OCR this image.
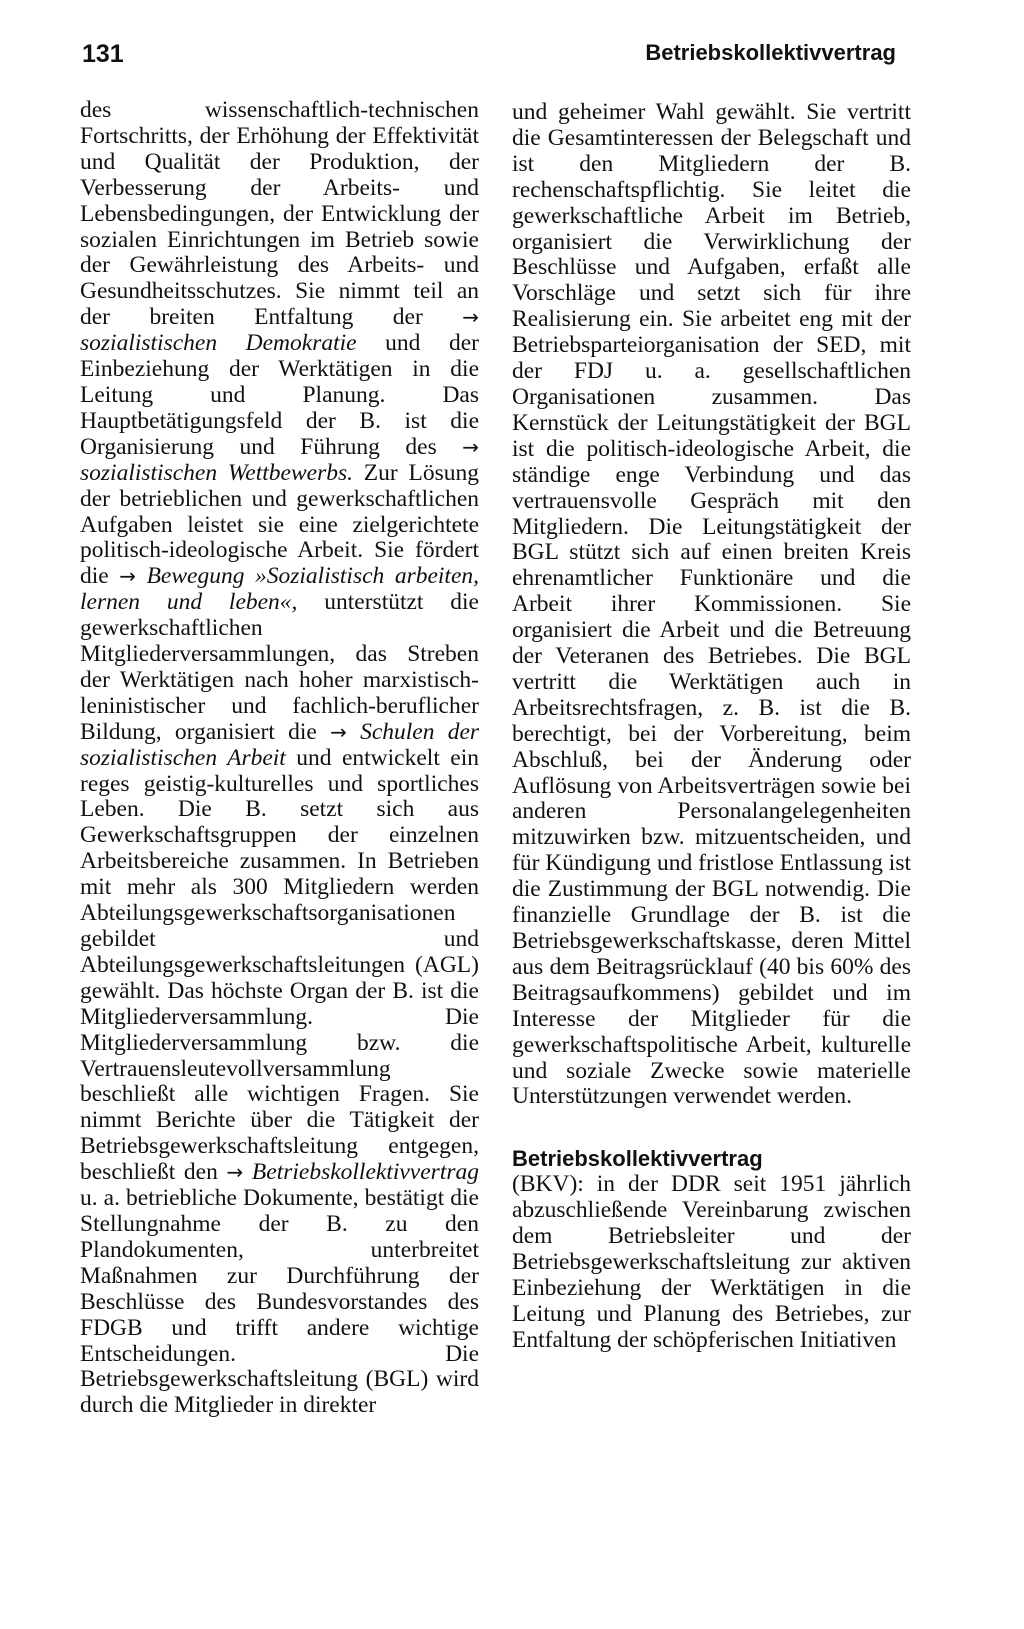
131	Betriebskollektivvertrag

des wissenschaftlich-technischen Fortschritts, der Erhöhung der Effektivität und Qualität der Produktion, der Verbesserung der Arbeits- und Lebensbedingungen, der Entwicklung der sozialen Einrichtungen im Betrieb sowie der Gewährleistung des Arbeits- und Gesundheitsschutzes. Sie nimmt teil an der breiten Entfaltung der → sozialistischen Demokratie und der Einbeziehung der Werktätigen in die Leitung und Planung. Das Hauptbetätigungsfeld der B. ist die Organisierung und Führung des → sozialistischen Wettbewerbs. Zur Lösung der betrieblichen und gewerkschaftlichen Aufgaben leistet sie eine zielgerichtete politisch-ideologische Arbeit. Sie fördert die → Bewegung »Sozialistisch arbeiten, lernen und leben«, unterstützt die gewerkschaftlichen Mitgliederversammlungen, das Streben der Werktätigen nach hoher marxistisch-leninistischer und fachlich-beruflicher Bildung, organisiert die → Schulen der sozialistischen Arbeit und entwickelt ein reges geistig-kulturelles und sportliches Leben. Die B. setzt sich aus Gewerkschaftsgruppen der einzelnen Arbeitsbereiche zusammen. In Betrieben mit mehr als 300 Mitgliedern werden Abteilungsgewerkschaftsorganisationen gebildet und Abteilungsgewerkschaftsleitungen (AGL) gewählt. Das höchste Organ der B. ist die Mitgliederversammlung. Die Mitgliederversammlung bzw. die Vertrauensleutevollversammlung beschließt alle wichtigen Fragen. Sie nimmt Berichte über die Tätigkeit der Betriebsgewerkschaftsleitung entgegen, beschließt den → Betriebskollektivvertrag u. a. betriebliche Dokumente, bestätigt die Stellungnahme der B. zu den Plandokumenten, unterbreitet Maßnahmen zur Durchführung der Beschlüsse des Bundesvorstandes des FDGB und trifft andere wichtige Entscheidungen. Die Betriebsgewerkschaftsleitung (BGL) wird durch die Mitglieder in direkter

und geheimer Wahl gewählt. Sie vertritt die Gesamtinteressen der Belegschaft und ist den Mitgliedern der B. rechenschaftspflichtig. Sie leitet die gewerkschaftliche Arbeit im Betrieb, organisiert die Verwirklichung der Beschlüsse und Aufgaben, erfaßt alle Vorschläge und setzt sich für ihre Realisierung ein. Sie arbeitet eng mit der Betriebsparteiorganisation der SED, mit der FDJ u. a. gesellschaftlichen Organisationen zusammen. Das Kernstück der Leitungstätigkeit der BGL ist die politisch-ideologische Arbeit, die ständige enge Verbindung und das vertrauensvolle Gespräch mit den Mitgliedern. Die Leitungstätigkeit der BGL stützt sich auf einen breiten Kreis ehrenamtlicher Funktionäre und die Arbeit ihrer Kommissionen. Sie organisiert die Arbeit und die Betreuung der Veteranen des Betriebes. Die BGL vertritt die Werktätigen auch in Arbeitsrechtsfragen, z. B. ist die B. berechtigt, bei der Vorbereitung, beim Abschluß, bei der Änderung oder Auflösung von Arbeitsverträgen sowie bei anderen Personalangelegenheiten mitzuwirken bzw. mitzuentscheiden, und für Kündigung und fristlose Entlassung ist die Zustimmung der BGL notwendig. Die finanzielle Grundlage der B. ist die Betriebsgewerkschaftskasse, deren Mittel aus dem Beitragsrücklauf (40 bis 60% des Beitragsaufkommens) gebildet und im Interesse der Mitglieder für die gewerkschaftspolitische Arbeit, kulturelle und soziale Zwecke sowie materielle Unterstützungen verwendet werden.

Betriebskollektivvertrag

(BKV): in der DDR seit 1951 jährlich abzuschließende Vereinbarung zwischen dem Betriebsleiter und der Betriebsgewerkschaftsleitung zur aktiven Einbeziehung der Werktätigen in die Leitung und Planung des Betriebes, zur Entfaltung der schöpferischen Initiativen
